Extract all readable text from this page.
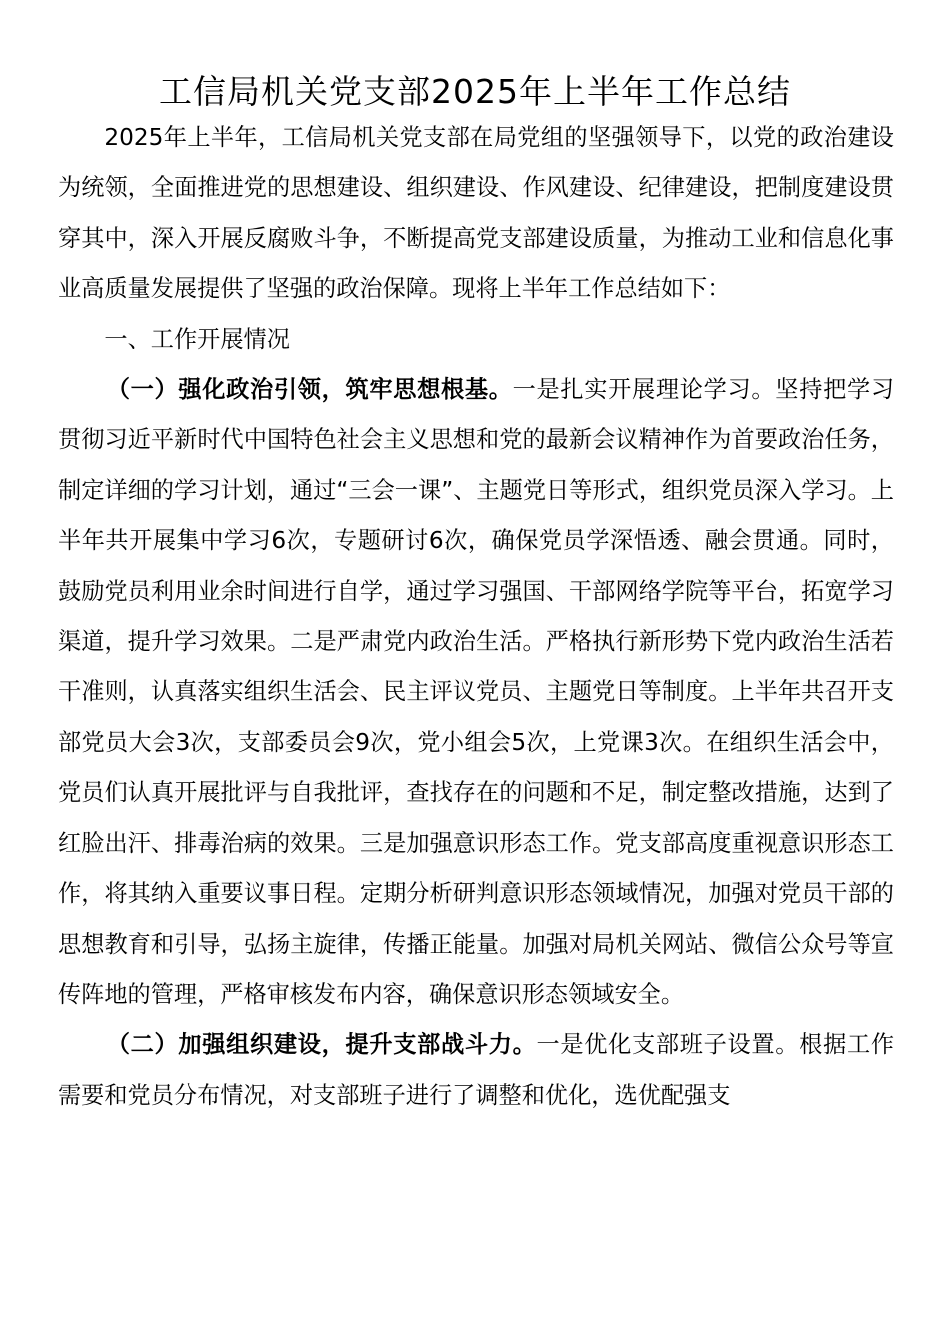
工信局机关党支部2025年上半年工作总结

2025年上半年，工信局机关党支部在局党组的坚强领导下，以党的政治建设为统领，全面推进党的思想建设、组织建设、作风建设、纪律建设，把制度建设贯穿其中，深入开展反腐败斗争，不断提高党支部建设质量，为推动工业和信息化事业高质量发展提供了坚强的政治保障。现将上半年工作总结如下：

一、工作开展情况

（一）强化政治引领，筑牢思想根基。一是扎实开展理论学习。坚持把学习贯彻习近平新时代中国特色社会主义思想和党的最新会议精神作为首要政治任务，制定详细的学习计划，通过“三会一课”、主题党日等形式，组织党员深入学习。上半年共开展集中学习6次，专题研讨6次，确保党员学深悟透、融会贯通。同时，鼓励党员利用业余时间进行自学，通过学习强国、干部网络学院等平台，拓宽学习渠道，提升学习效果。二是严肃党内政治生活。严格执行新形势下党内政治生活若干准则，认真落实组织生活会、民主评议党员、主题党日等制度。上半年共召开支部党员大会3次，支部委员会9次，党小组会5次，上党课3次。在组织生活会中，党员们认真开展批评与自我批评，查找存在的问题和不足，制定整改措施，达到了红脸出汗、排毒治病的效果。三是加强意识形态工作。党支部高度重视意识形态工作，将其纳入重要议事日程。定期分析研判意识形态领域情况，加强对党员干部的思想教育和引导，弘扬主旋律，传播正能量。加强对局机关网站、微信公众号等宣传阵地的管理，严格审核发布内容，确保意识形态领域安全。

（二）加强组织建设，提升支部战斗力。一是优化支部班子设置。根据工作需要和党员分布情况，对支部班子进行了调整和优化，选优配强支
